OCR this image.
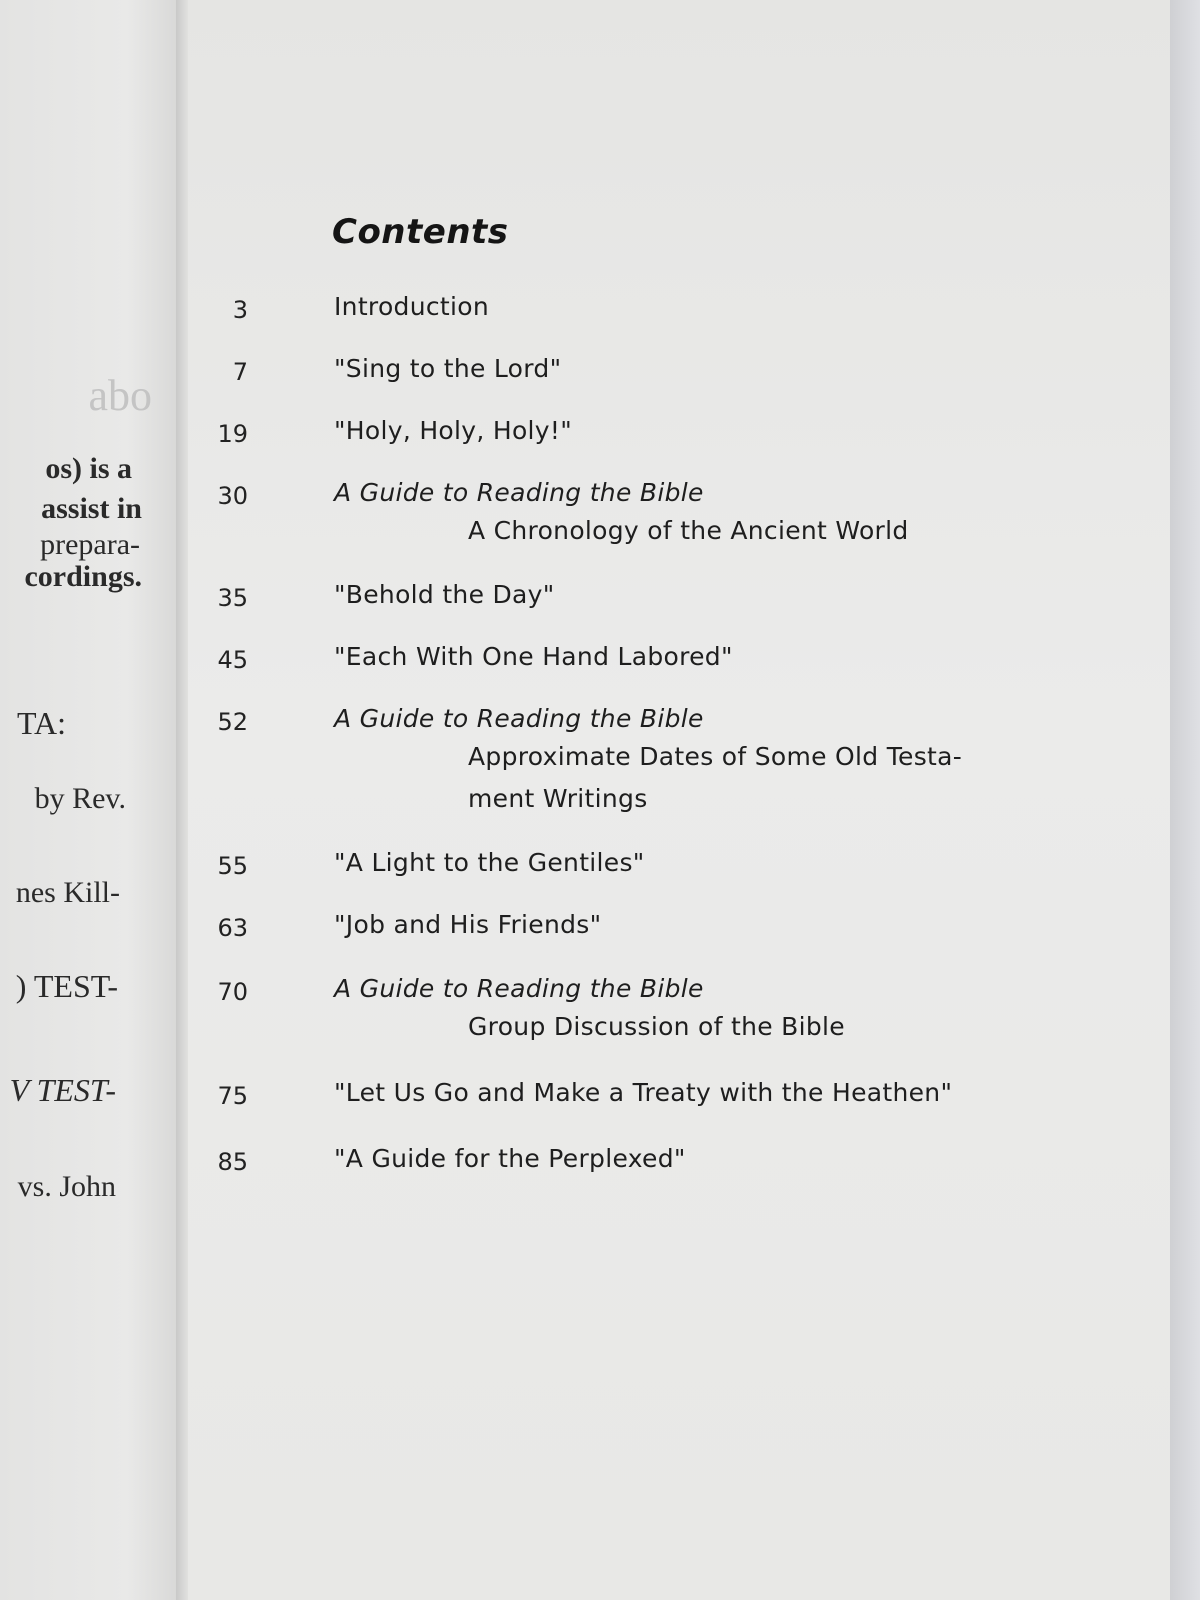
abo
os) is a
assist in
prepara-
cordings.
TA:
by Rev.
nes Kill-
) TEST-
V TEST-
vs. John
Contents
3	Introduction
7	"Sing to the Lord"
19	"Holy, Holy, Holy!"
30	A Guide to Reading the Bible
A Chronology of the Ancient World
35	"Behold the Day"
45	"Each With One Hand Labored"
52	A Guide to Reading the Bible
Approximate Dates of Some Old Testa-
ment Writings
55	"A Light to the Gentiles"
63	"Job and His Friends"
70	A Guide to Reading the Bible
Group Discussion of the Bible
75	"Let Us Go and Make a Treaty with the Heathen"
85	"A Guide for the Perplexed"
